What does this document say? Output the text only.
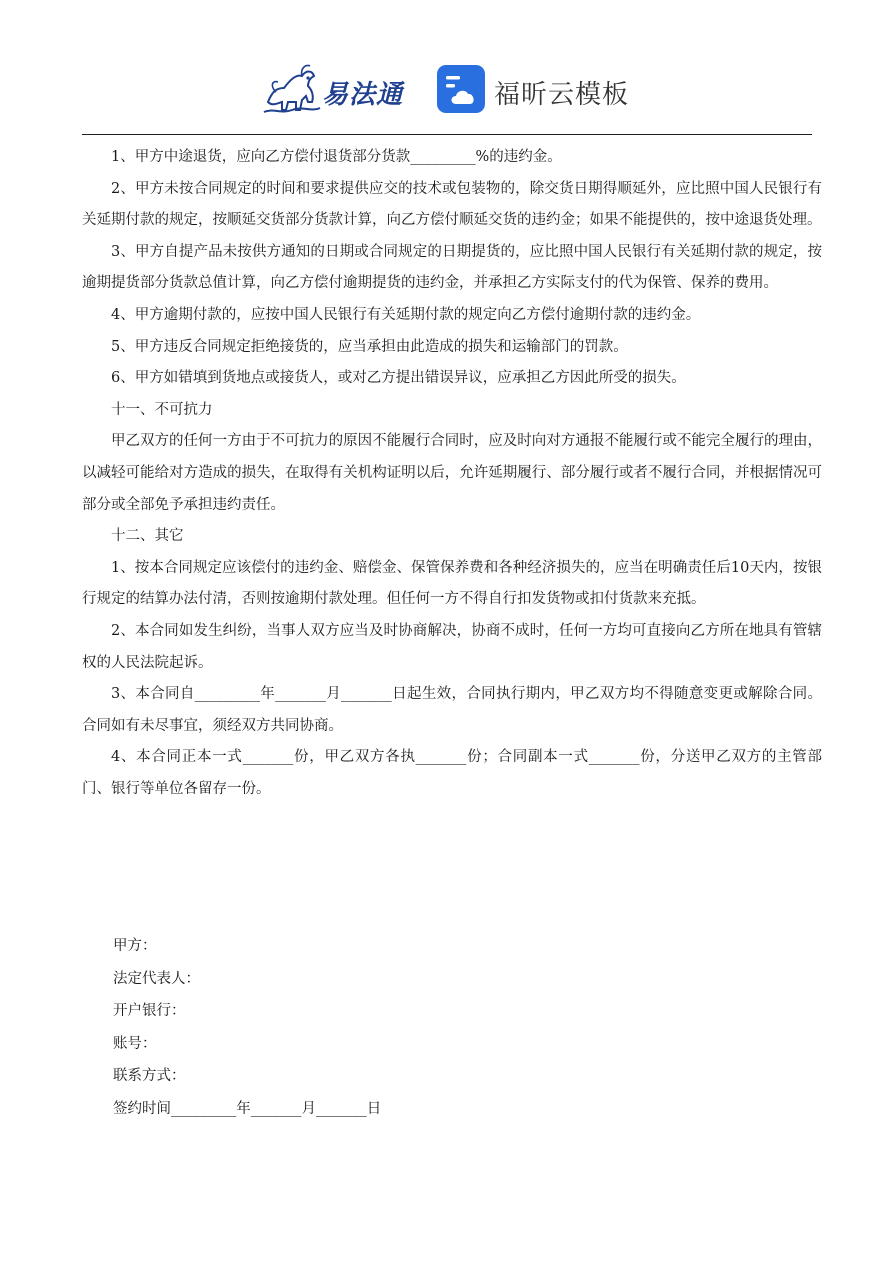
易法通	福昕云模板

1、甲方中途退货，应向乙方偿付退货部分货款_________%的违约金。

2、甲方未按合同规定的时间和要求提供应交的技术或包装物的，除交货日期得顺延外，应比照中国人民银行有关延期付款的规定，按顺延交货部分货款计算，向乙方偿付顺延交货的违约金；如果不能提供的，按中途退货处理。

3、甲方自提产品未按供方通知的日期或合同规定的日期提货的，应比照中国人民银行有关延期付款的规定，按逾期提货部分货款总值计算，向乙方偿付逾期提货的违约金，并承担乙方实际支付的代为保管、保养的费用。

4、甲方逾期付款的，应按中国人民银行有关延期付款的规定向乙方偿付逾期付款的违约金。

5、甲方违反合同规定拒绝接货的，应当承担由此造成的损失和运输部门的罚款。

6、甲方如错填到货地点或接货人，或对乙方提出错误异议，应承担乙方因此所受的损失。

十一、不可抗力

甲乙双方的任何一方由于不可抗力的原因不能履行合同时，应及时向对方通报不能履行或不能完全履行的理由，以减轻可能给对方造成的损失，在取得有关机构证明以后，允许延期履行、部分履行或者不履行合同，并根据情况可部分或全部免予承担违约责任。

十二、其它

1、按本合同规定应该偿付的违约金、赔偿金、保管保养费和各种经济损失的，应当在明确责任后10天内，按银行规定的结算办法付清，否则按逾期付款处理。但任何一方不得自行扣发货物或扣付货款来充抵。

2、本合同如发生纠纷，当事人双方应当及时协商解决，协商不成时，任何一方均可直接向乙方所在地具有管辖权的人民法院起诉。

3、本合同自_________年_______月_______日起生效，合同执行期内，甲乙双方均不得随意变更或解除合同。合同如有未尽事宜，须经双方共同协商。

4、本合同正本一式_______份，甲乙双方各执_______份；合同副本一式_______份，分送甲乙双方的主管部门、银行等单位各留存一份。

甲方：
法定代表人：
开户银行：
账号：
联系方式：
签约时间_________年_______月_______日
